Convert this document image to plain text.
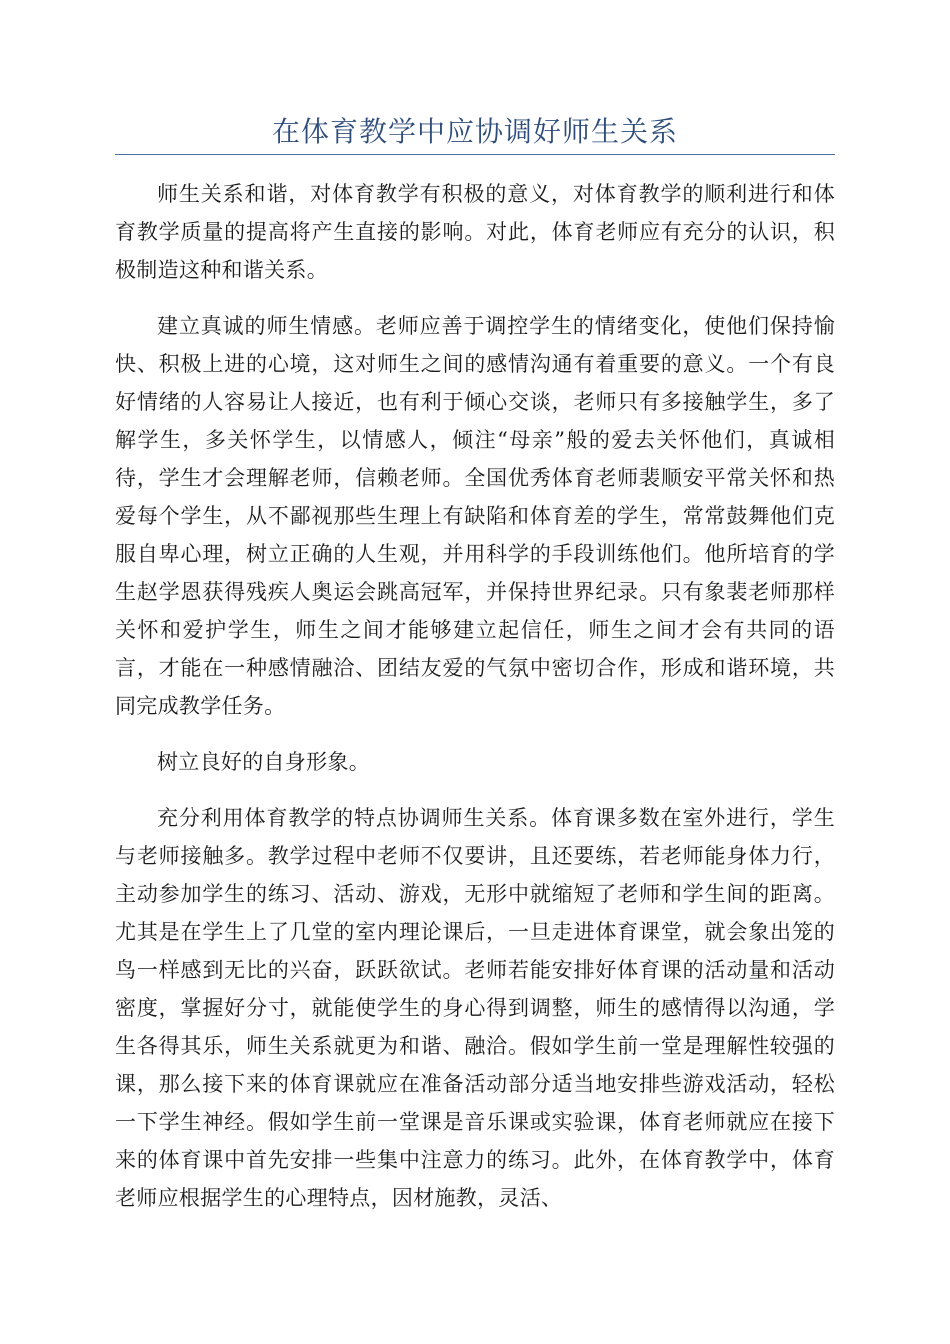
在体育教学中应协调好师生关系

师生关系和谐，对体育教学有积极的意义，对体育教学的顺利进行和体育教学质量的提高将产生直接的影响。对此，体育老师应有充分的认识，积极制造这种和谐关系。

建立真诚的师生情感。老师应善于调控学生的情绪变化，使他们保持愉快、积极上进的心境，这对师生之间的感情沟通有着重要的意义。一个有良好情绪的人容易让人接近，也有利于倾心交谈，老师只有多接触学生，多了解学生，多关怀学生，以情感人，倾注“母亲”般的爱去关怀他们，真诚相待，学生才会理解老师，信赖老师。全国优秀体育老师裴顺安平常关怀和热爱每个学生，从不鄙视那些生理上有缺陷和体育差的学生，常常鼓舞他们克服自卑心理，树立正确的人生观，并用科学的手段训练他们。他所培育的学生赵学恩获得残疾人奥运会跳高冠军，并保持世界纪录。只有象裴老师那样关怀和爱护学生，师生之间才能够建立起信任，师生之间才会有共同的语言，才能在一种感情融洽、团结友爱的气氛中密切合作，形成和谐环境，共同完成教学任务。

树立良好的自身形象。

充分利用体育教学的特点协调师生关系。体育课多数在室外进行，学生与老师接触多。教学过程中老师不仅要讲，且还要练，若老师能身体力行，主动参加学生的练习、活动、游戏，无形中就缩短了老师和学生间的距离。尤其是在学生上了几堂的室内理论课后，一旦走进体育课堂，就会象出笼的鸟一样感到无比的兴奋，跃跃欲试。老师若能安排好体育课的活动量和活动密度，掌握好分寸，就能使学生的身心得到调整，师生的感情得以沟通，学生各得其乐，师生关系就更为和谐、融洽。假如学生前一堂是理解性较强的课，那么接下来的体育课就应在准备活动部分适当地安排些游戏活动，轻松一下学生神经。假如学生前一堂课是音乐课或实验课，体育老师就应在接下来的体育课中首先安排一些集中注意力的练习。此外，在体育教学中，体育老师应根据学生的心理特点，因材施教，灵活、
